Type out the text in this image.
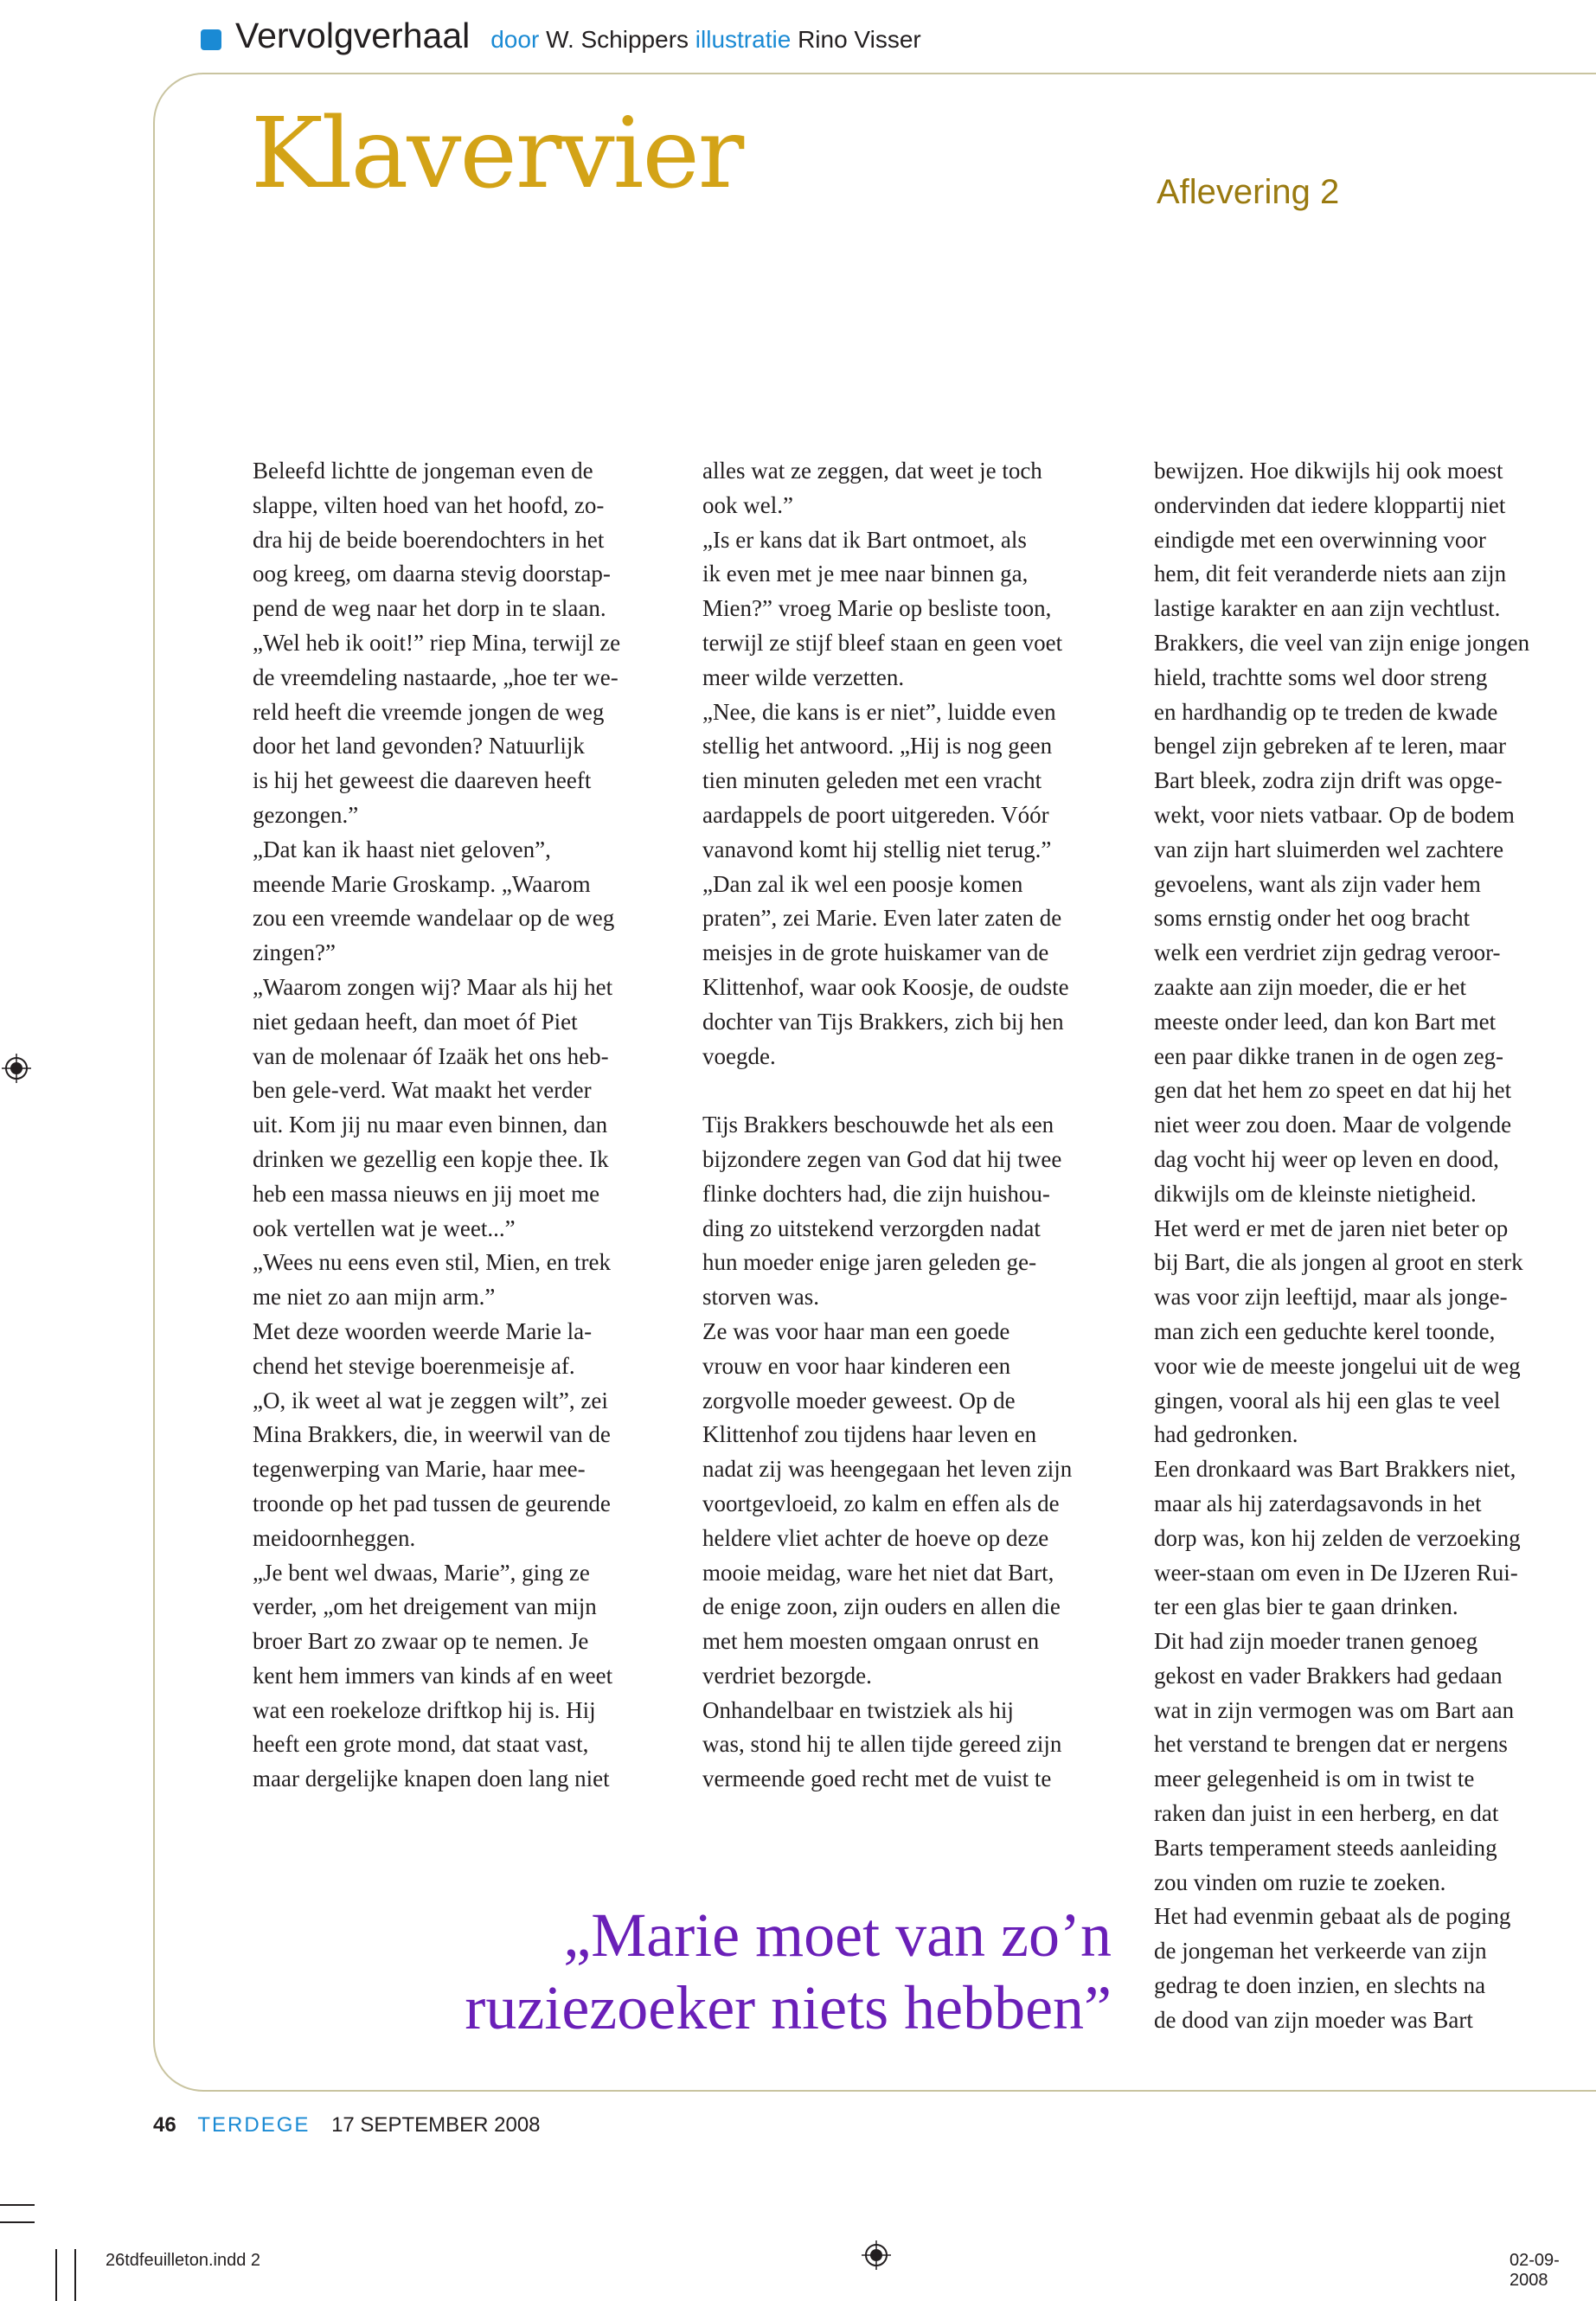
Vervolgverhaal door W. Schippers illustratie Rino Visser
Klavervier	Aflevering 2
Beleefd lichtte de jongeman even de
slappe, vilten hoed van het hoofd, zo-
dra hij de beide boerendochters in het
oog kreeg, om daarna stevig doorstap-
pend de weg naar het dorp in te slaan.
„Wel heb ik ooit!” riep Mina, terwijl ze
de vreemdeling nastaarde, „hoe ter we-
reld heeft die vreemde jongen de weg
door het land gevonden? Natuurlijk
is hij het geweest die daareven heeft
gezongen.”
„Dat kan ik haast niet geloven”,
meende Marie Groskamp. „Waarom
zou een vreemde wandelaar op de weg
zingen?”
„Waarom zongen wij? Maar als hij het
niet gedaan heeft, dan moet óf Piet
van de molenaar óf Izaäk het ons heb-
ben gele-verd. Wat maakt het verder
uit. Kom jij nu maar even binnen, dan
drinken we gezellig een kopje thee. Ik
heb een massa nieuws en jij moet me
ook vertellen wat je weet...”
„Wees nu eens even stil, Mien, en trek
me niet zo aan mijn arm.”
Met deze woorden weerde Marie la-
chend het stevige boerenmeisje af.
„O, ik weet al wat je zeggen wilt”, zei
Mina Brakkers, die, in weerwil van de
tegenwerping van Marie, haar mee-
troonde op het pad tussen de geurende
meidoornheggen.
„Je bent wel dwaas, Marie”, ging ze
verder, „om het dreigement van mijn
broer Bart zo zwaar op te nemen. Je
kent hem immers van kinds af en weet
wat een roekeloze driftkop hij is. Hij
heeft een grote mond, dat staat vast,
maar dergelijke knapen doen lang niet
alles wat ze zeggen, dat weet je toch
ook wel.”
„Is er kans dat ik Bart ontmoet, als
ik even met je mee naar binnen ga,
Mien?” vroeg Marie op besliste toon,
terwijl ze stijf bleef staan en geen voet
meer wilde verzetten.
„Nee, die kans is er niet”, luidde even
stellig het antwoord. „Hij is nog geen
tien minuten geleden met een vracht
aardappels de poort uitgereden. Vóór
vanavond komt hij stellig niet terug.”
„Dan zal ik wel een poosje komen
praten”, zei Marie. Even later zaten de
meisjes in de grote huiskamer van de
Klittenhof, waar ook Koosje, de oudste
dochter van Tijs Brakkers, zich bij hen
voegde.
Tijs Brakkers beschouwde het als een
bijzondere zegen van God dat hij twee
flinke dochters had, die zijn huishou-
ding zo uitstekend verzorgden nadat
hun moeder enige jaren geleden ge-
storven was.
Ze was voor haar man een goede
vrouw en voor haar kinderen een
zorgvolle moeder geweest. Op de
Klittenhof zou tijdens haar leven en
nadat zij was heengegaan het leven zijn
voortgevloeid, zo kalm en effen als de
heldere vliet achter de hoeve op deze
mooie meidag, ware het niet dat Bart,
de enige zoon, zijn ouders en allen die
met hem moesten omgaan onrust en
verdriet bezorgde.
Onhandelbaar en twistziek als hij
was, stond hij te allen tijde gereed zijn
vermeende goed recht met de vuist te
bewijzen. Hoe dikwijls hij ook moest
ondervinden dat iedere kloppartij niet
eindigde met een overwinning voor
hem, dit feit veranderde niets aan zijn
lastige karakter en aan zijn vechtlust.
Brakkers, die veel van zijn enige jongen
hield, trachtte soms wel door streng
en hardhandig op te treden de kwade
bengel zijn gebreken af te leren, maar
Bart bleek, zodra zijn drift was opge-
wekt, voor niets vatbaar. Op de bodem
van zijn hart sluimerden wel zachtere
gevoelens, want als zijn vader hem
soms ernstig onder het oog bracht
welk een verdriet zijn gedrag veroor-
zaakte aan zijn moeder, die er het
meeste onder leed, dan kon Bart met
een paar dikke tranen in de ogen zeg-
gen dat het hem zo speet en dat hij het
niet weer zou doen. Maar de volgende
dag vocht hij weer op leven en dood,
dikwijls om de kleinste nietigheid.
Het werd er met de jaren niet beter op
bij Bart, die als jongen al groot en sterk
was voor zijn leeftijd, maar als jonge-
man zich een geduchte kerel toonde,
voor wie de meeste jongelui uit de weg
gingen, vooral als hij een glas te veel
had gedronken.
Een dronkaard was Bart Brakkers niet,
maar als hij zaterdagsavonds in het
dorp was, kon hij zelden de verzoeking
weer-staan om even in De IJzeren Rui-
ter een glas bier te gaan drinken.
Dit had zijn moeder tranen genoeg
gekost en vader Brakkers had gedaan
wat in zijn vermogen was om Bart aan
het verstand te brengen dat er nergens
meer gelegenheid is om in twist te
raken dan juist in een herberg, en dat
Barts temperament steeds aanleiding
zou vinden om ruzie te zoeken.
Het had evenmin gebaat als de poging
de jongeman het verkeerde van zijn
gedrag te doen inzien, en slechts na
de dood van zijn moeder was Bart
„Marie moet van zo’n
ruziezoeker niets hebben”
46 TERDEGE 17 SEPTEMBER 2008
26tdfeuilleton.indd 2	02-09-2008
